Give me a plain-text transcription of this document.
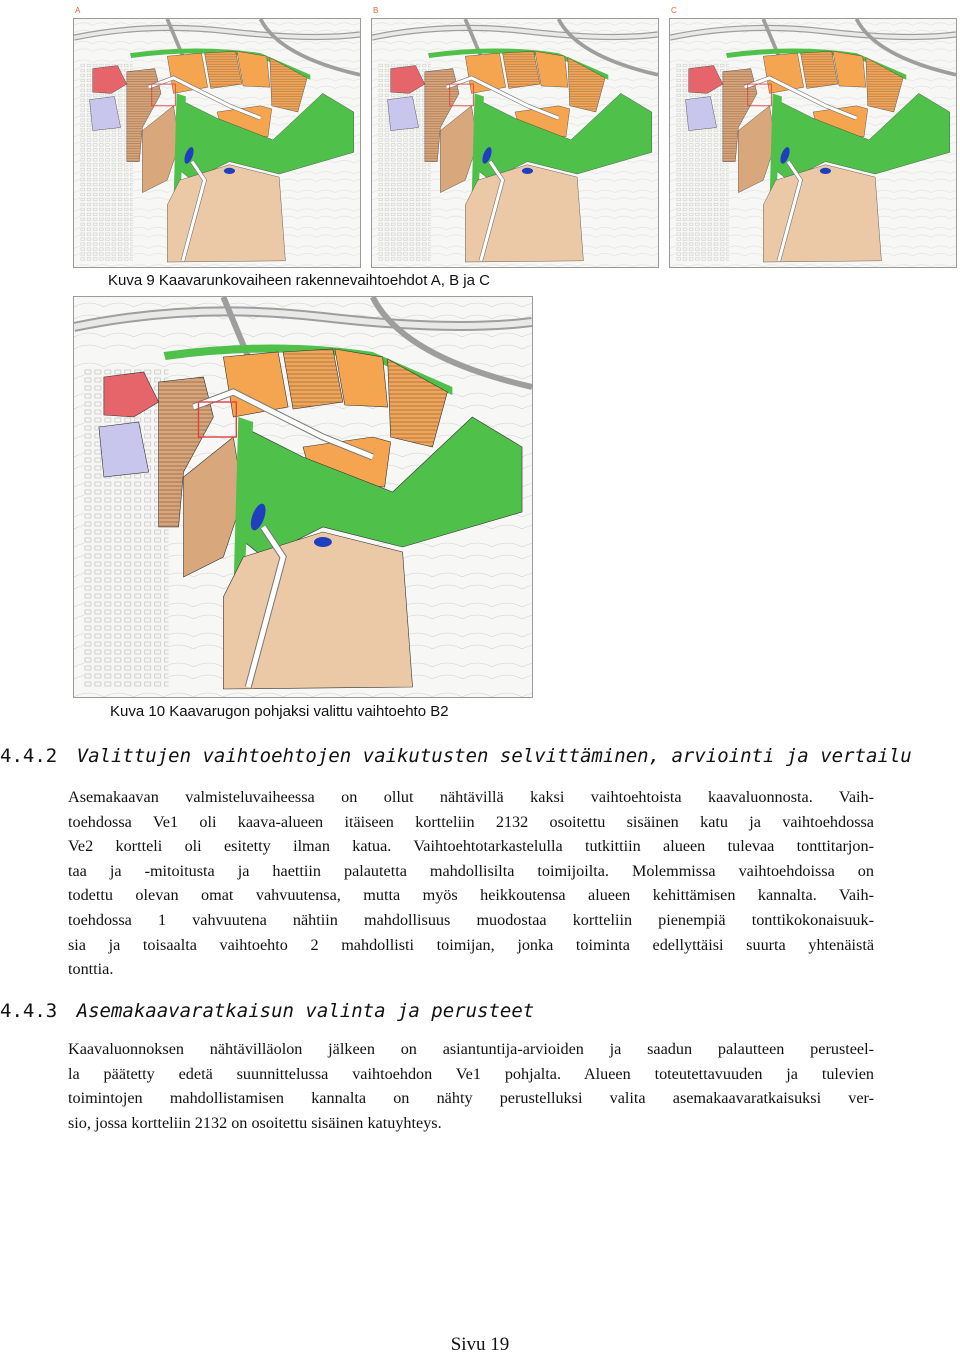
A	B	C
Kuva 9 Kaavarunkovaiheen rakennevaihtoehdot A, B ja C
Kuva 10 Kaavarugon pohjaksi valittu vaihtoehto B2
4.4.2 Valittujen vaihtoehtojen vaikutusten selvittäminen, arviointi ja vertailu
Asemakaavan valmisteluvaiheessa on ollut nähtävillä kaksi vaihtoehtoista kaavaluonnosta. Vaih-
toehdossa Ve1 oli kaava-alueen itäiseen kortteliin 2132 osoitettu sisäinen katu ja vaihtoehdossa
Ve2 kortteli oli esitetty ilman katua. Vaihtoehtotarkastelulla tutkittiin alueen tulevaa tonttitarjon-
taa ja -mitoitusta ja haettiin palautetta mahdollisilta toimijoilta. Molemmissa vaihtoehdoissa on
todettu olevan omat vahvuutensa, mutta myös heikkoutensa alueen kehittämisen kannalta. Vaih-
toehdossa 1 vahvuutena nähtiin mahdollisuus muodostaa kortteliin pienempiä tonttikokonaisuuk-
sia ja toisaalta vaihtoehto 2 mahdollisti toimijan, jonka toiminta edellyttäisi suurta yhtenäistä
tonttia.
4.4.3 Asemakaavaratkaisun valinta ja perusteet
Kaavaluonnoksen nähtävilläolon jälkeen on asiantuntija-arvioiden ja saadun palautteen perusteel-
la päätetty edetä suunnittelussa vaihtoehdon Ve1 pohjalta. Alueen toteutettavuuden ja tulevien
toimintojen mahdollistamisen kannalta on nähty perustelluksi valita asemakaavaratkaisuksi ver-
sio, jossa kortteliin 2132 on osoitettu sisäinen katuyhteys.
Sivu 19
